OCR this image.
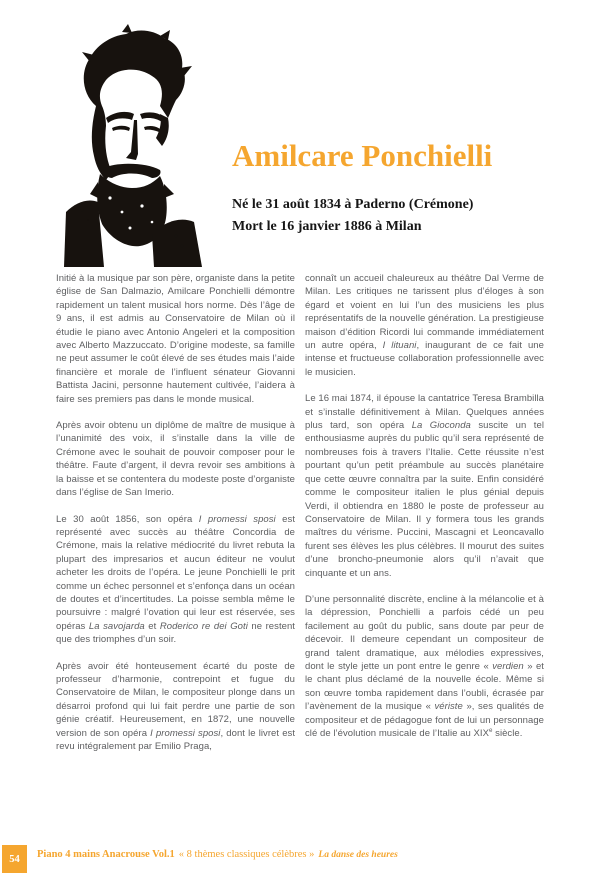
Amilcare Ponchielli
Né le 31 août 1834 à Paderno (Crémone)
Mort le 16 janvier 1886 à Milan

Initié à la musique par son père, organiste dans la petite église de San Dalmazio, Amilcare Ponchielli démontre rapidement un talent musical hors norme. Dès l’âge de 9 ans, il est admis au Conservatoire de Milan où il étudie le piano avec Antonio Angeleri et la composition avec Alberto Mazzuccato. D’origine modeste, sa famille ne peut assumer le coût élevé de ses études mais l’aide financière et morale de l’influent sénateur Giovanni Battista Jacini, personne hautement cultivée, l’aidera à faire ses premiers pas dans le monde musical.

Après avoir obtenu un diplôme de maître de musique à l’unanimité des voix, il s’installe dans la ville de Crémone avec le souhait de pouvoir composer pour le théâtre. Faute d’argent, il devra revoir ses ambitions à la baisse et se contentera du modeste poste d’organiste dans l’église de San Imerio.

Le 30 août 1856, son opéra I promessi sposi est représenté avec succès au théâtre Concordia de Crémone, mais la relative médiocrité du livret rebuta la plupart des impresarios et aucun éditeur ne voulut acheter les droits de l’opéra. Le jeune Ponchielli le prit comme un échec personnel et s’enfonça dans un océan de doutes et d’incertitudes. La poisse sembla même le poursuivre : malgré l’ovation qui leur est réservée, ses opéras La savojarda et Roderico re dei Goti ne restent que des triomphes d’un soir.

Après avoir été honteusement écarté du poste de professeur d’harmonie, contrepoint et fugue du Conservatoire de Milan, le compositeur plonge dans un désarroi profond qui lui fait perdre une partie de son génie créatif. Heureusement, en 1872, une nouvelle version de son opéra I promessi sposi, dont le livret est revu intégralement par Emilio Praga,

connaît un accueil chaleureux au théâtre Dal Verme de Milan. Les critiques ne tarissent plus d’éloges à son égard et voient en lui l’un des musiciens les plus représentatifs de la nouvelle génération. La prestigieuse maison d’édition Ricordi lui commande immédiatement un autre opéra, I lituani, inaugurant de ce fait une intense et fructueuse collaboration professionnelle avec le musicien.

Le 16 mai 1874, il épouse la cantatrice Teresa Brambilla et s’installe définitivement à Milan. Quelques années plus tard, son opéra La Gioconda suscite un tel enthousiasme auprès du public qu’il sera représenté de nombreuses fois à travers l’Italie. Cette réussite n’est pourtant qu’un petit préambule au succès planétaire que cette œuvre connaîtra par la suite. Enfin considéré comme le compositeur italien le plus génial depuis Verdi, il obtiendra en 1880 le poste de professeur au Conservatoire de Milan. Il y formera tous les grands maîtres du vérisme. Puccini, Mascagni et Leoncavallo furent ses élèves les plus célèbres. Il mourut des suites d’une broncho-pneumonie alors qu’il n’avait que cinquante et un ans.

D’une personnalité discrète, encline à la mélancolie et à la dépression, Ponchielli a parfois cédé un peu facilement au goût du public, sans doute par peur de décevoir. Il demeure cependant un compositeur de grand talent dramatique, aux mélodies expressives, dont le style jette un pont entre le genre « verdien » et le chant plus déclamé de la nouvelle école. Même si son œuvre tomba rapidement dans l’oubli, écrasée par l’avènement de la musique « vériste », ses qualités de compositeur et de pédagogue font de lui un personnage clé de l’évolution musicale de l’Italie au XIXe siècle.

54 Piano 4 mains Anacrouse Vol.1 « 8 thèmes classiques célèbres » La danse des heures
